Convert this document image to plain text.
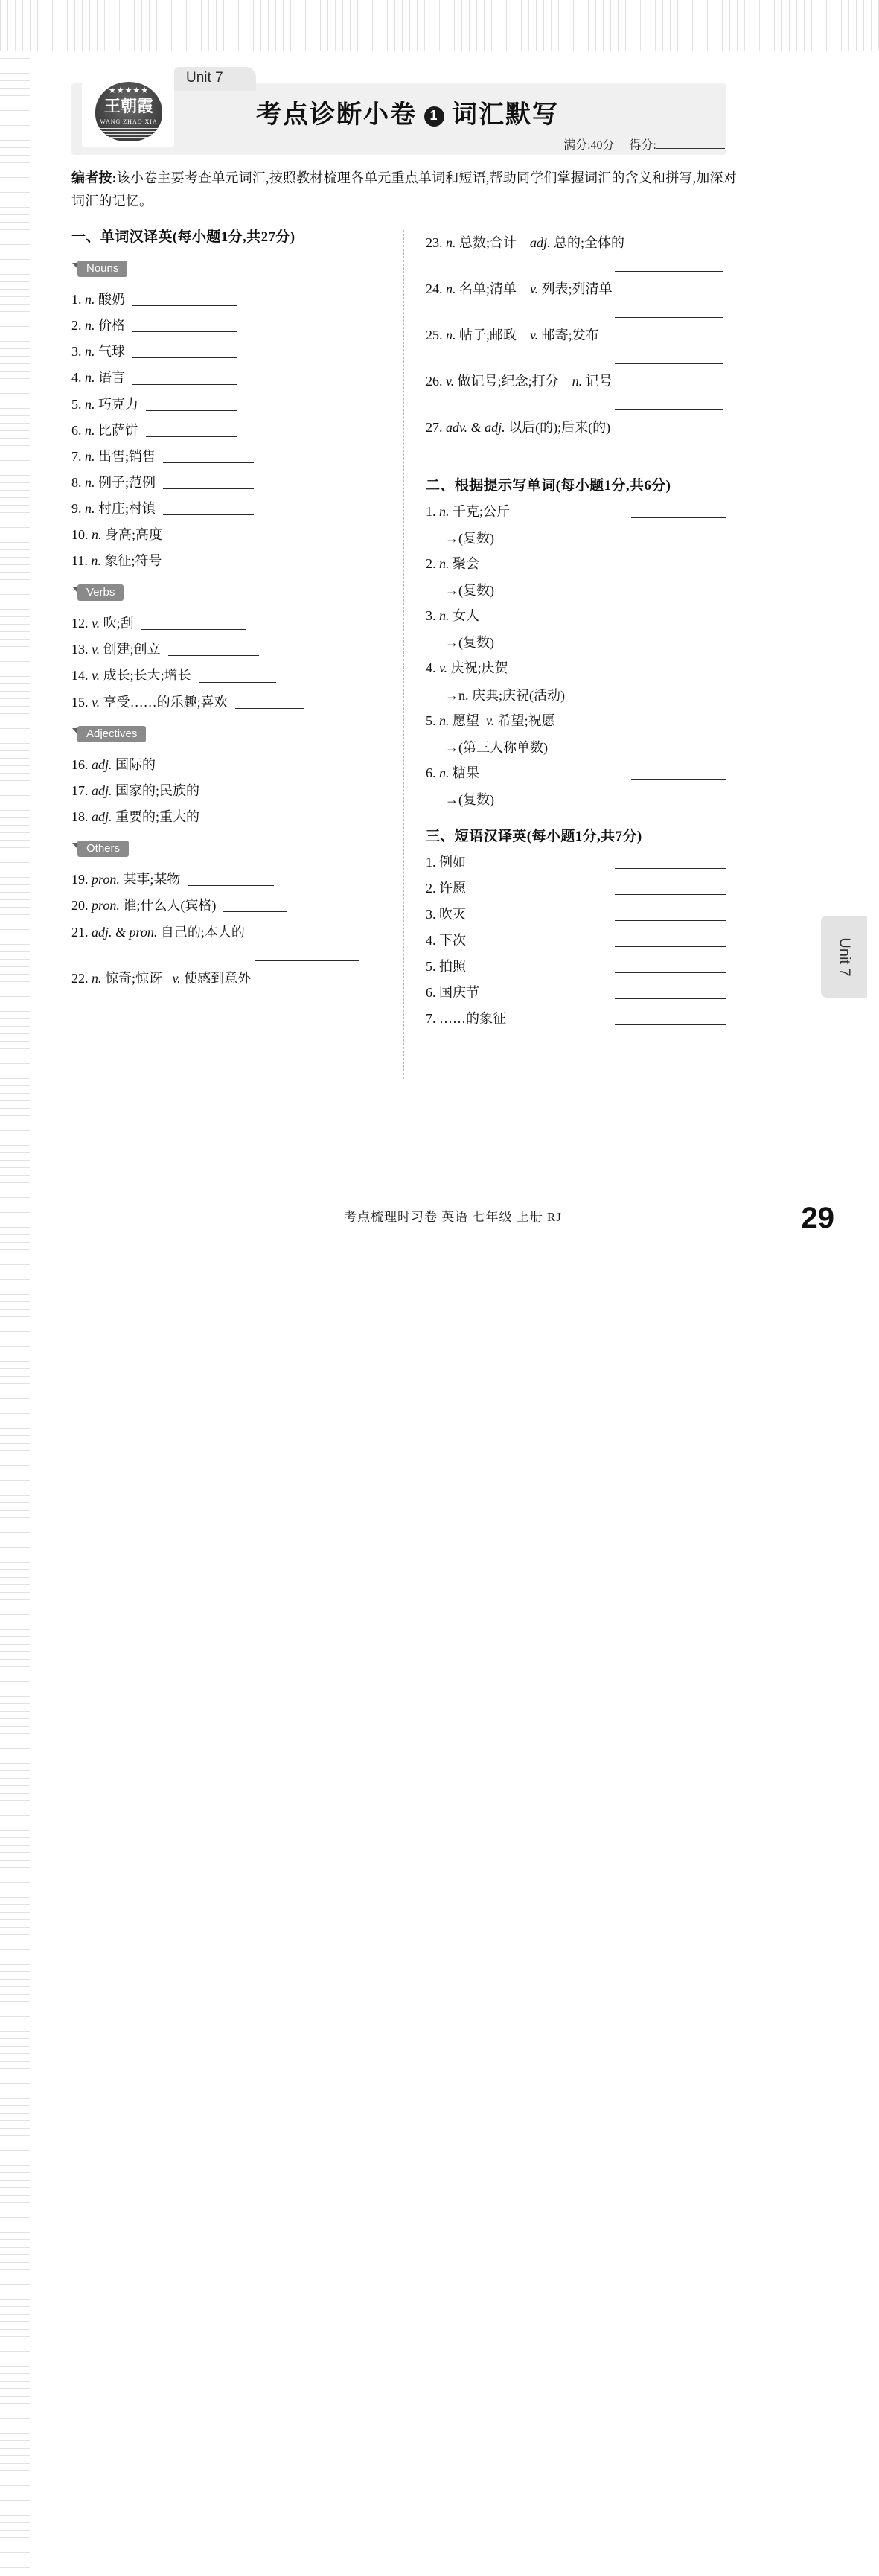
Unit 7
★★★★★
王朝霞
WANG ZHAO XIA	考点诊断小卷 1 词汇默写
满分:40分 得分:
编者按:该小卷主要考查单元词汇,按照教材梳理各单元重点单词和短语,帮助同学们掌握词汇的含义和拼写,加深对词汇的记忆。
一、单词汉译英(每小题1分,共27分)
Nouns
1. n. 酸奶
2. n. 价格
3. n. 气球
4. n. 语言
5. n. 巧克力
6. n. 比萨饼
7. n. 出售;销售
8. n. 例子;范例
9. n. 村庄;村镇
10. n. 身高;高度
11. n. 象征;符号
Verbs
12. v. 吹;刮
13. v. 创建;创立
14. v. 成长;长大;增长
15. v. 享受……的乐趣;喜欢
Adjectives
16. adj. 国际的
17. adj. 国家的;民族的
18. adj. 重要的;重大的
Others
19. pron. 某事;某物
20. pron. 谁;什么人(宾格)
21. adj. & pron. 自己的;本人的
22. n. 惊奇;惊讶 v. 使感到意外
23. n. 总数;合计 adj. 总的;全体的
24. n. 名单;清单 v. 列表;列清单
25. n. 帖子;邮政 v. 邮寄;发布
26. v. 做记号;纪念;打分 n. 记号
27. adv. & adj. 以后(的);后来(的)
二、根据提示写单词(每小题1分,共6分)
1. n. 千克;公斤
→(复数)
2. n. 聚会
→(复数)
3. n. 女人
→(复数)
4. v. 庆祝;庆贺
→n. 庆典;庆祝(活动)
5. n. 愿望 v. 希望;祝愿
→(第三人称单数)
6. n. 糖果
→(复数)
三、短语汉译英(每小题1分,共7分)
1. 例如
2. 许愿
3. 吹灭
4. 下次
5. 拍照
6. 国庆节
7. ……的象征
Unit 7
考点梳理时习卷 英语 七年级 上册 RJ	29
